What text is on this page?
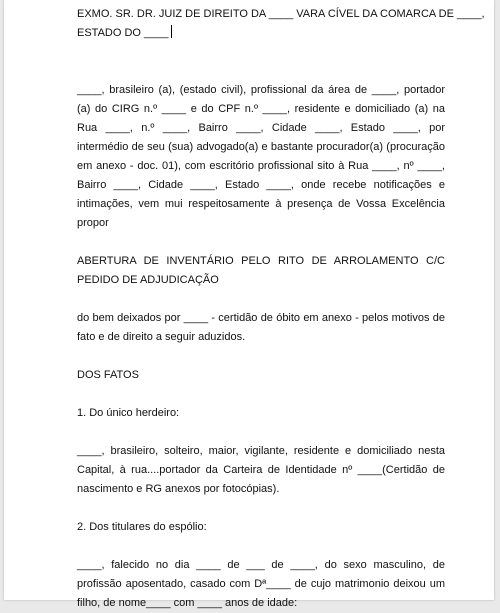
EXMO. SR. DR. JUIZ DE DIREITO DA ____ VARA CÍVEL DA COMARCA DE ____,

ESTADO DO ____

____, brasileiro (a), (estado civil), profissional da área de ____, portador (a) do CIRG n.º ____ e do CPF n.º ____, residente e domiciliado (a) na Rua ____, n.º ____, Bairro ____, Cidade ____, Estado ____, por intermédio de seu (sua) advogado(a) e bastante procurador(a) (procuração em anexo - doc. 01), com escritório profissional sito à Rua ____, nº ____, Bairro ____, Cidade ____, Estado ____, onde recebe notificações e intimações, vem mui respeitosamente à presença de Vossa Excelência propor

ABERTURA DE INVENTÁRIO PELO RITO DE ARROLAMENTO C/C PEDIDO DE ADJUDICAÇÃO

do bem deixados por ____ - certidão de óbito em anexo - pelos motivos de fato e de direito a seguir aduzidos.

DOS FATOS

1. Do único herdeiro:

____, brasileiro, solteiro, maior, vigilante, residente e domiciliado nesta Capital, à rua....portador da Carteira de Identidade nº ____(Certidão de nascimento e RG anexos por fotocópias).

2. Dos titulares do espólio:

____, falecido no dia ____ de ___ de ____, do sexo masculino, de profissão aposentado, casado com Dª____ de cujo matrimonio deixou um filho, de nome____ com ____ anos de idade:
